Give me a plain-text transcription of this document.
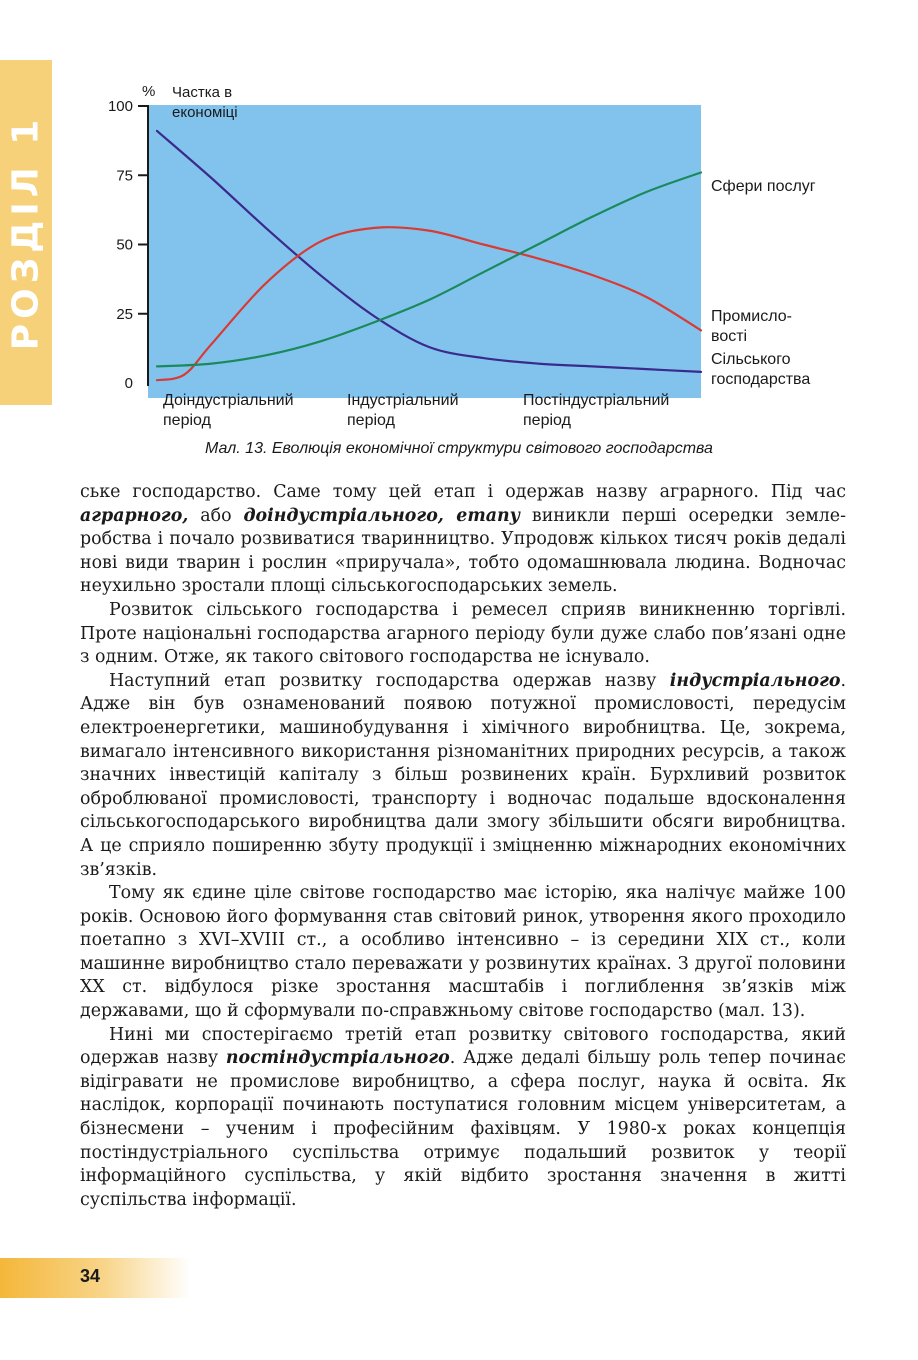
РОЗДІЛ 1
0
25
50
75
100
% Частка в
економіці
Доіндустріальний
період
Індустріальний
період
Постіндустріальний
період
Сільського
господарства
Промисло-
вості
Сфери послуг
Мал. 13. Еволюція економічної структури світового господарства

ське господарство. Саме тому цей етап і одержав назву аграрного. Під час аграрного, або доіндустріального, етапу виникли перші осередки землеробства і почало розвиватися тваринництво. Упродовж кількох тисяч років дедалі нові види тварин і рослин «приручала», тобто одомашнювала людина. Водночас неухильно зростали площі сільськогосподарських земель.

Розвиток сільського господарства і ремесел сприяв виникненню торгівлі. Проте національні господарства агарного періоду були дуже слабо пов’язані одне з одним. Отже, як такого світового господарства не існувало.

Наступний етап розвитку господарства одержав назву індустріального. Адже він був ознаменований появою потужної промисловості, передусім електроенергетики, машинобудування і хімічного виробництва. Це, зокрема, вимагало інтенсивного використання різноманітних природних ресурсів, а також значних інвестицій капіталу з більш розвинених країн. Бурхливий розвиток оброблюваної промисловості, транспорту і водночас подальше вдосконалення сільськогосподарського виробництва дали змогу збільшити обсяги виробництва. А це сприяло поширенню збуту продукції і зміцненню міжнародних економічних зв’язків.

Тому як єдине ціле світове господарство має історію, яка налічує майже 100 років. Основою його формування став світовий ринок, утворення якого проходило поетапно з XVI–XVIII ст., а особливо інтенсивно – із середини XIX ст., коли машинне виробництво стало переважати у розвинутих країнах. З другої половини XX ст. відбулося різке зростання масштабів і поглиблення зв’язків між державами, що й сформували по-справжньому світове господарство (мал. 13).

Нині ми спостерігаємо третій етап розвитку світового господарства, який одержав назву постіндустріального. Адже дедалі більшу роль тепер починає відігравати не промислове виробництво, а сфера послуг, наука й освіта. Як наслідок, корпорації починають поступатися головним місцем університетам, а бізнесмени – ученим і професійним фахівцям. У 1980-х роках концепція постіндустріального суспільства отримує подальший розвиток у теорії інформаційного суспільства, у якій відбито зростання значення в житті суспільства інформації.

34
